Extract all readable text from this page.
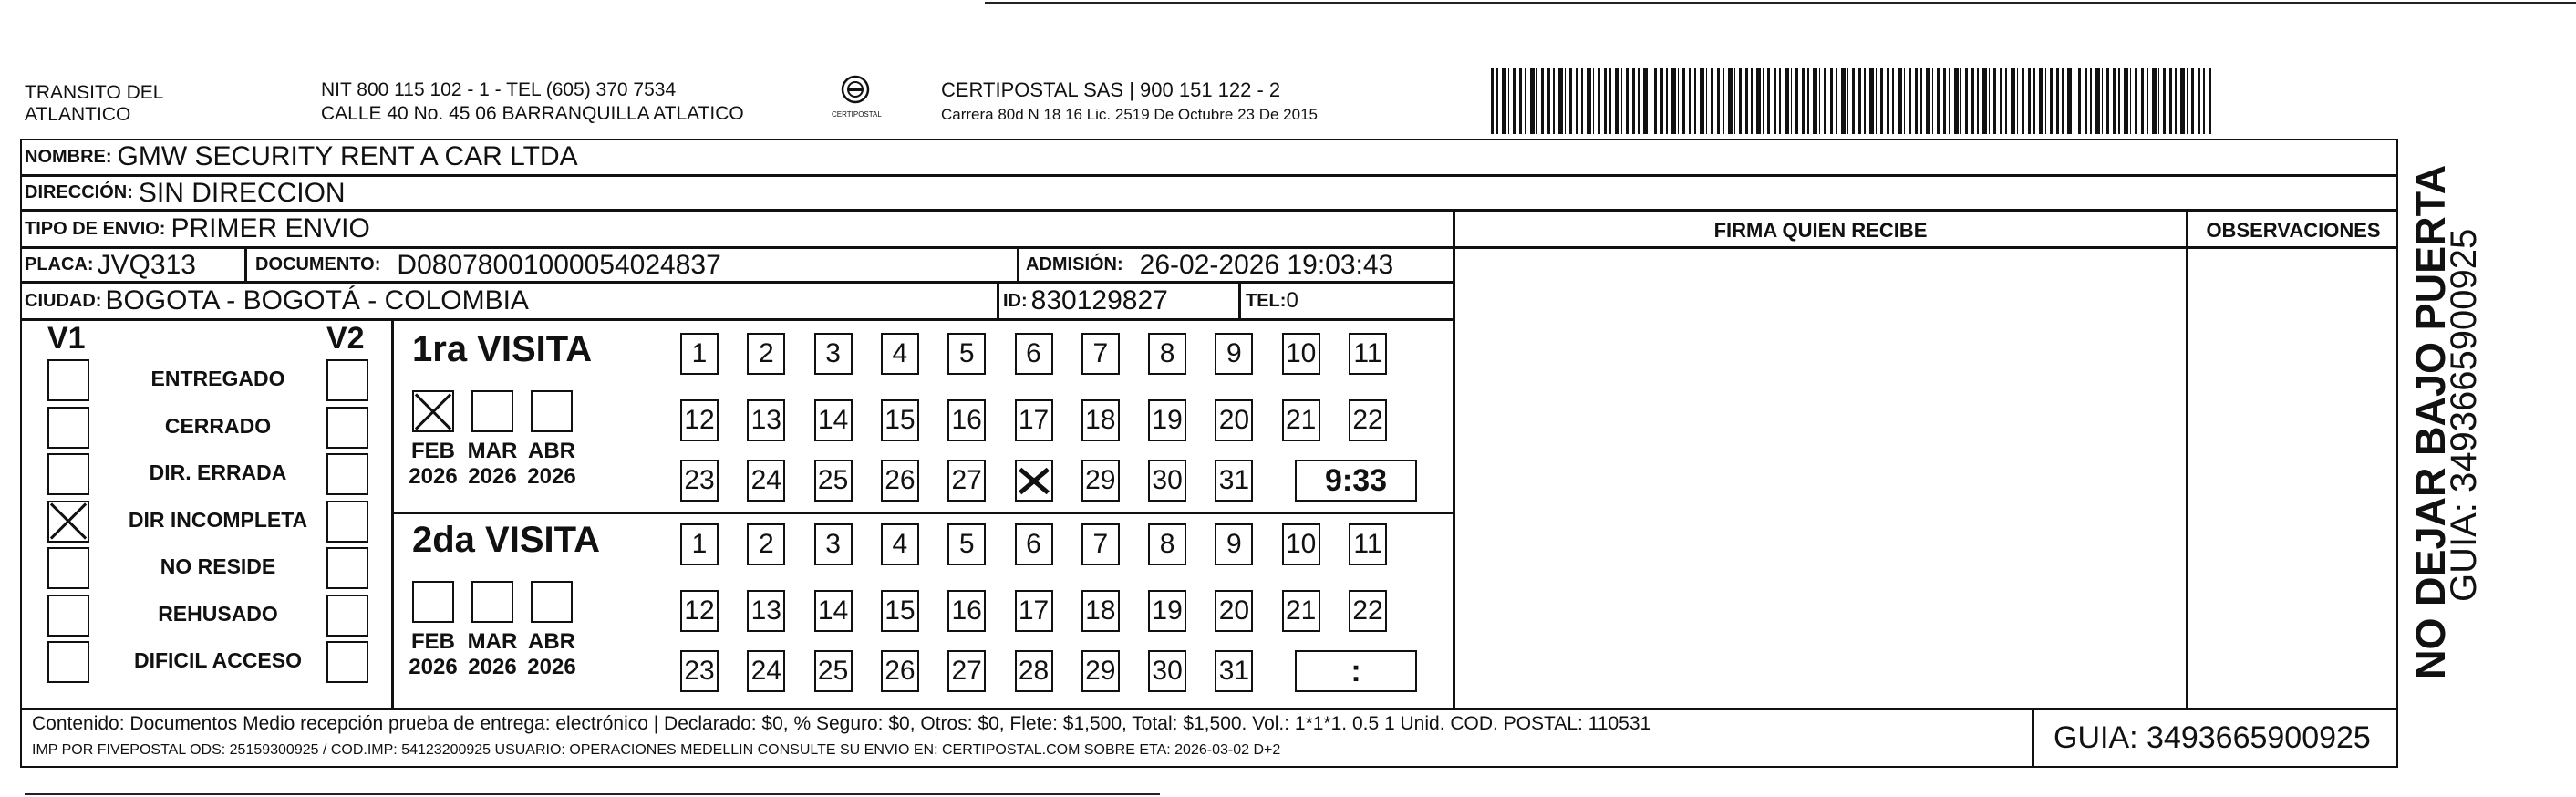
TRANSITO DEL
ATLANTICO
NIT 800 115 102 - 1 - TEL (605) 370 7534
CALLE 40 No. 45 06 BARRANQUILLA ATLATICO	CERTIPOSTAL
CERTIPOSTAL SAS | 900 151 122 - 2
Carrera 80d N 18 16 Lic. 2519 De Octubre 23 De 2015
NOMBRE: GMW SECURITY RENT A CAR LTDA
DIRECCIÓN: SIN DIRECCION
TIPO DE ENVIO: PRIMER ENVIO
PLACA: JVQ313	DOCUMENTO: D08078001000054024837	ADMISIÓN: 26-02-2026 19:03:43
CIUDAD: BOGOTA - BOGOTÁ - COLOMBIA	ID: 830129827	TEL: 0
FIRMA QUIEN RECIBE	OBSERVACIONES
V1	V2
ENTREGADO
CERRADO
DIR. ERRADA
DIR INCOMPLETA
NO RESIDE
REHUSADO
DIFICIL ACCESO
1ra VISITA
FEB
2026
MAR
2026
ABR
2026
1	2	3	4	5	6	7	8	9	10 11
12 13 14 15 16 17 18 19 20 21 22
23 24 25 26 27	29 30 31	9:33
2da VISITA
FEB
2026
MAR
2026
ABR
2026
1	2	3	4	5	6	7	8	9	10 11
12 13 14 15 16 17 18 19 20 21 22
23 24 25 26 27 28 29 30 31	:
Contenido: Documentos Medio recepción prueba de entrega: electrónico | Declarado: $0, % Seguro: $0, Otros: $0, Flete: $1,500, Total: $1,500. Vol.: 1*1*1. 0.5 1 Unid. COD. POSTAL: 110531
IMP POR FIVEPOSTAL ODS: 25159300925 / COD.IMP: 54123200925 USUARIO: OPERACIONES MEDELLIN CONSULTE SU ENVIO EN: CERTIPOSTAL.COM SOBRE ETA: 2026-03-02 D+2	GUIA: 3493665900925
NO DEJAR BAJO PUERTA
GUIA: 3493665900925
